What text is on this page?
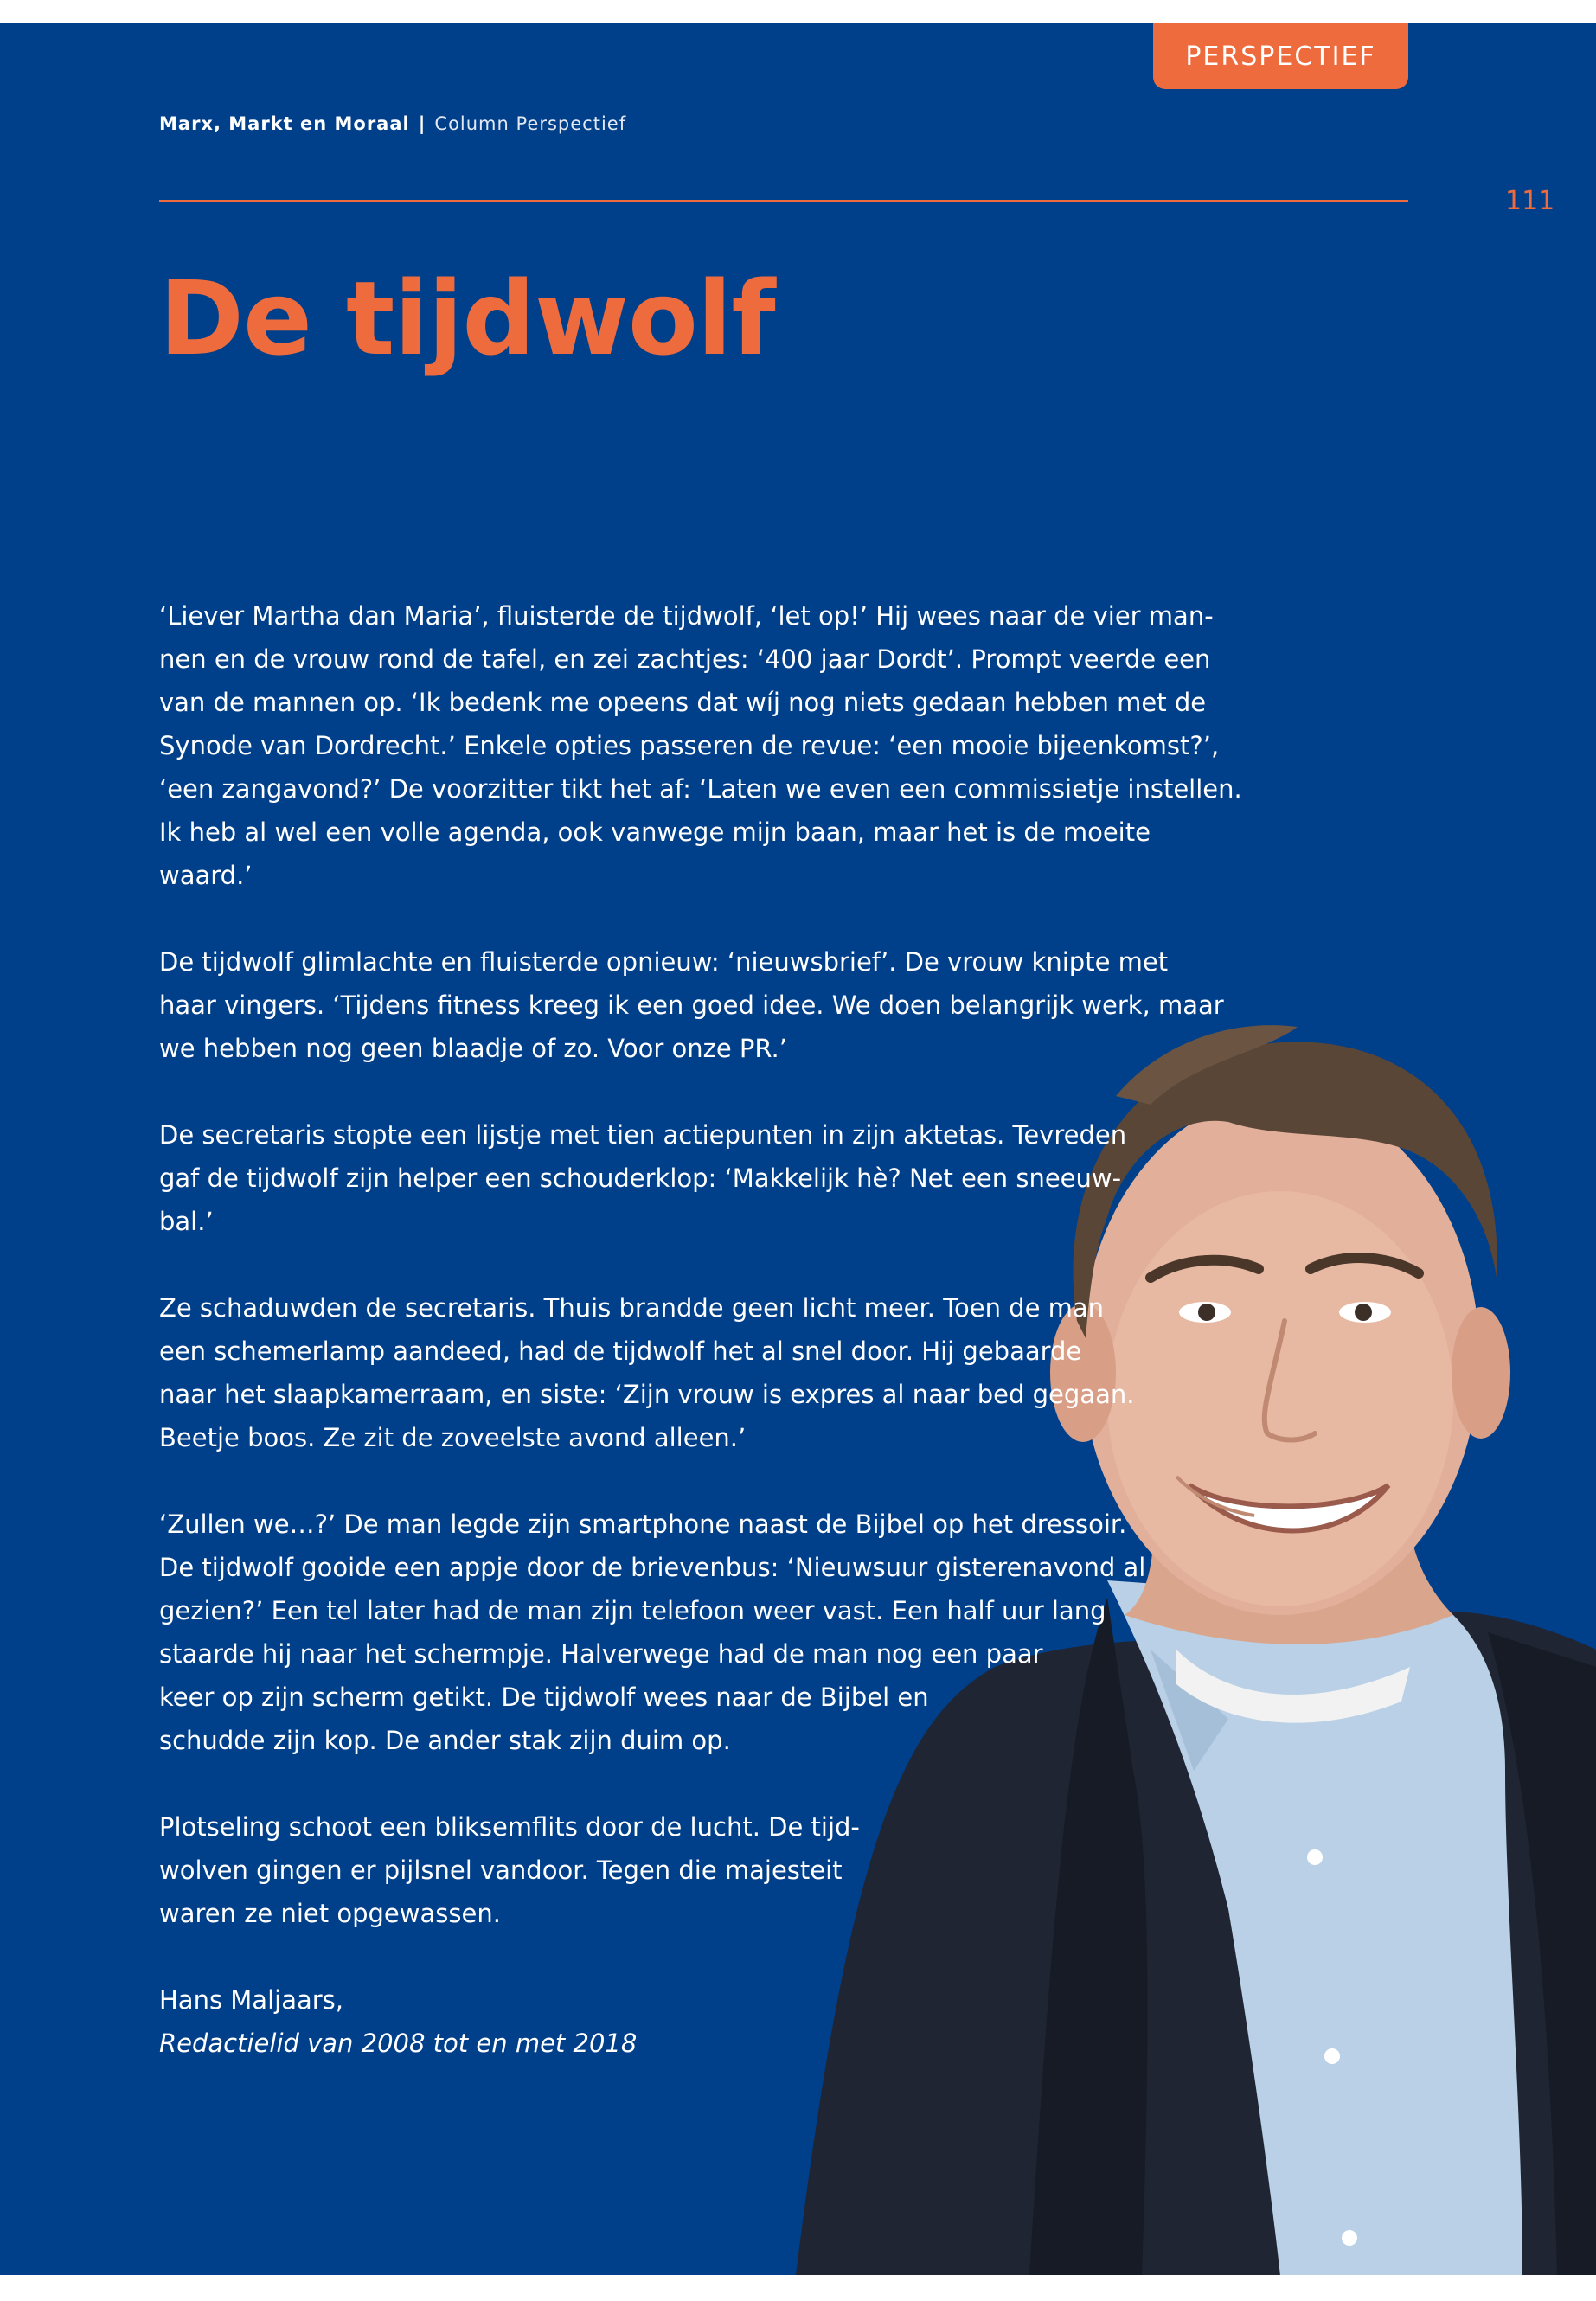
PERSPECTIEF
Marx, Markt en Moraal | Column Perspectief
111
De tijdwolf

‘Liever Martha dan Maria’, fluisterde de tijdwolf, ‘let op!’ Hij wees naar de vier man-
nen en de vrouw rond de tafel, en zei zachtjes: ‘400 jaar Dordt’. Prompt veerde een
van de mannen op. ‘Ik bedenk me opeens dat wíj nog niets gedaan hebben met de
Synode van Dordrecht.’ Enkele opties passeren de revue: ‘een mooie bijeenkomst?’,
‘een zangavond?’ De voorzitter tikt het af: ‘Laten we even een commissietje instellen.
Ik heb al wel een volle agenda, ook vanwege mijn baan, maar het is de moeite
waard.’

De tijdwolf glimlachte en fluisterde opnieuw: ‘nieuwsbrief’. De vrouw knipte met
haar vingers. ‘Tijdens fitness kreeg ik een goed idee. We doen belangrijk werk, maar
we hebben nog geen blaadje of zo. Voor onze PR.’

De secretaris stopte een lijstje met tien actiepunten in zijn aktetas. Tevreden
gaf de tijdwolf zijn helper een schouderklop: ‘Makkelijk hè? Net een sneeuw-
bal.’

Ze schaduwden de secretaris. Thuis brandde geen licht meer. Toen de man
een schemerlamp aandeed, had de tijdwolf het al snel door. Hij gebaarde
naar het slaapkamerraam, en siste: ‘Zijn vrouw is expres al naar bed gegaan.
Beetje boos. Ze zit de zoveelste avond alleen.’

‘Zullen we…?’ De man legde zijn smartphone naast de Bijbel op het dressoir.
De tijdwolf gooide een appje door de brievenbus: ‘Nieuwsuur gisterenavond al
gezien?’ Een tel later had de man zijn telefoon weer vast. Een half uur lang
staarde hij naar het schermpje. Halverwege had de man nog een paar
keer op zijn scherm getikt. De tijdwolf wees naar de Bijbel en
schudde zijn kop. De ander stak zijn duim op.

Plotseling schoot een bliksemflits door de lucht. De tijd-
wolven gingen er pijlsnel vandoor. Tegen die majesteit
waren ze niet opgewassen.

Hans Maljaars,
Redactielid van 2008 tot en met 2018
